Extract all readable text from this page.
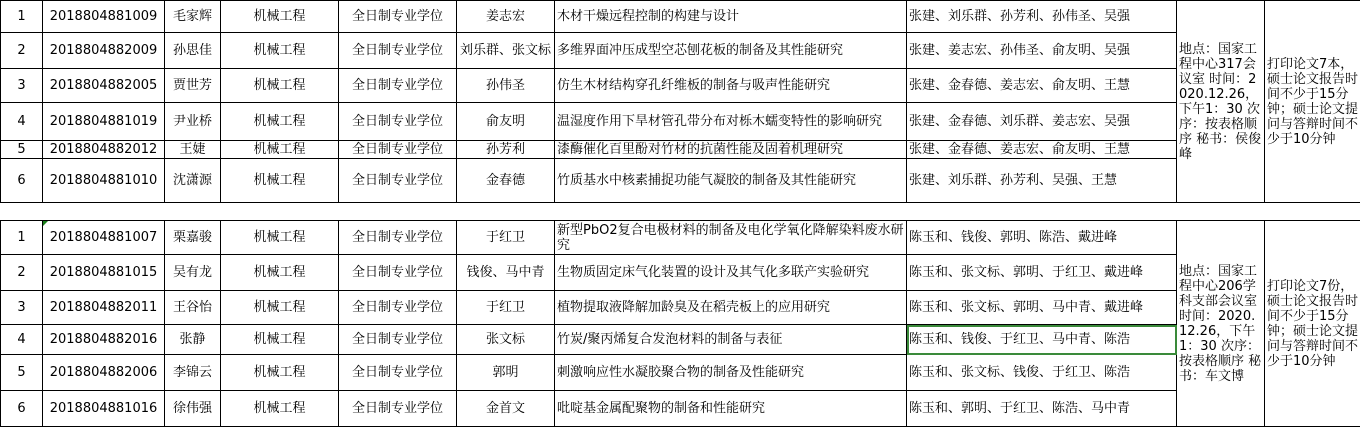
1	2018804881009	毛家辉	机械工程	全日制专业学位	姜志宏	木材干燥远程控制的构建与设计	张建、刘乐群、孙芳利、孙伟圣、吴强	地点：国家工程中心317会议室 时间：2020.12.26，下午1：30 次序：按表格顺序 秘书：侯俊峰	打印论文7本，硕士论文报告时间不少于15分钟；硕士论文提问与答辩时间不少于10分钟
2	2018804882009	孙思佳	机械工程	全日制专业学位	刘乐群、张文标	多维界面冲压成型空芯刨花板的制备及其性能研究	张建、姜志宏、孙伟圣、俞友明、吴强		
3	2018804882005	贾世芳	机械工程	全日制专业学位	孙伟圣	仿生木材结构穿孔纤维板的制备与吸声性能研究	张建、金春德、姜志宏、俞友明、王慧		
4	2018804881019	尹业桥	机械工程	全日制专业学位	俞友明	温湿度作用下旱材管孔带分布对栎木蠕变特性的影响研究	张建、金春德、刘乐群、姜志宏、吴强		
5	2018804882012	王婕	机械工程	全日制专业学位	孙芳利	漆酶催化百里酚对竹材的抗菌性能及固着机理研究	张建、金春德、姜志宏、俞友明、王慧		
6	2018804881010	沈潇源	机械工程	全日制专业学位	金春德	竹质基水中核素捕捉功能气凝胶的制备及其性能研究	张建、刘乐群、孙芳利、吴强、王慧		

1	2018804881007	栗嘉骏	机械工程	全日制专业学位	于红卫	新型PbO2复合电极材料的制备及电化学氧化降解染料废水研究	陈玉和、钱俊、郭明、陈浩、戴进峰	地点：国家工程中心206学科支部会议室 时间：2020.12.26，下午1：30 次序：按表格顺序 秘书：车文博	打印论文7份，硕士论文报告时间不少于15分钟；硕士论文提问与答辩时间不少于10分钟
2	2018804881015	吴有龙	机械工程	全日制专业学位	钱俊、马中青	生物质固定床气化装置的设计及其气化多联产实验研究	陈玉和、张文标、郭明、于红卫、戴进峰		
3	2018804882011	王谷怡	机械工程	全日制专业学位	于红卫	植物提取液降解加龄臭及在稻壳板上的应用研究	陈玉和、张文标、郭明、马中青、戴进峰		
4	2018804882016	张静	机械工程	全日制专业学位	张文标	竹炭/聚丙烯复合发泡材料的制备与表征	陈玉和、钱俊、于红卫、马中青、陈浩		
5	2018804882006	李锦云	机械工程	全日制专业学位	郭明	刺激响应性水凝胶聚合物的制备及性能研究	陈玉和、张文标、钱俊、于红卫、陈浩		
6	2018804881016	徐伟强	机械工程	全日制专业学位	金首文	吡啶基金属配聚物的制备和性能研究	陈玉和、郭明、于红卫、陈浩、马中青		
